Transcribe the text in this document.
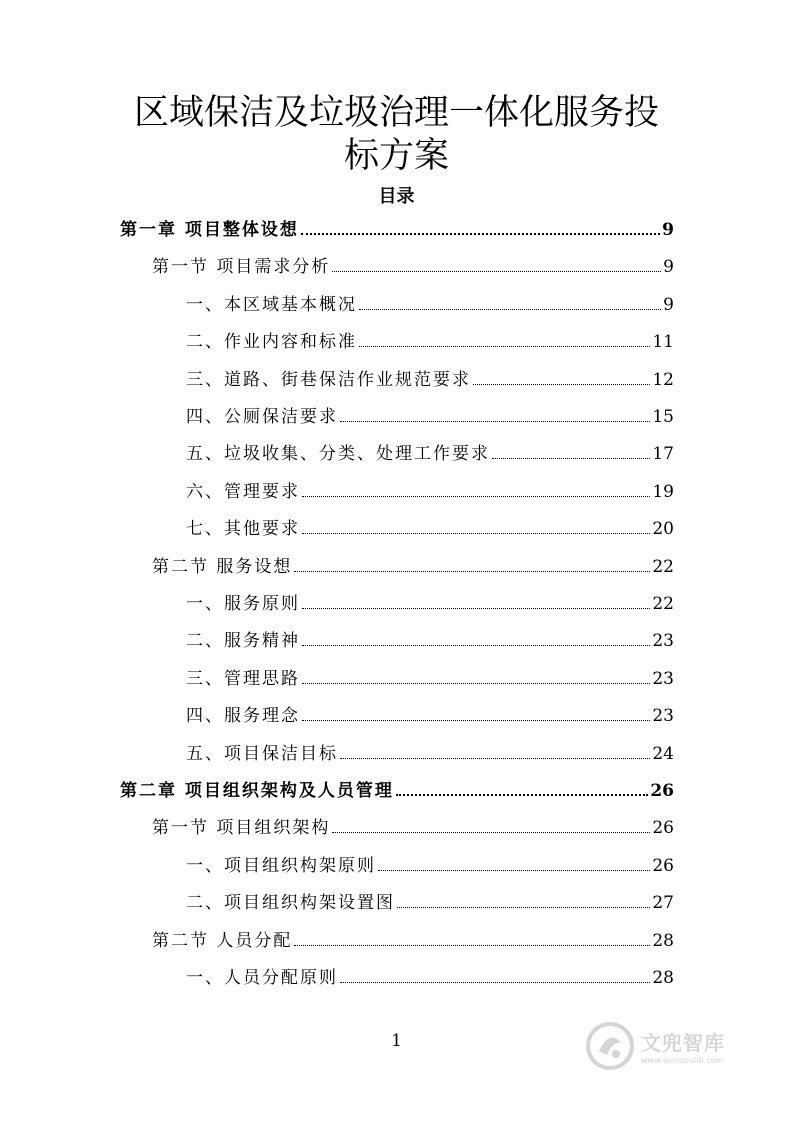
区域保洁及垃圾治理一体化服务投
标方案
目录
第一章 项目整体设想	9
第一节 项目需求分析	9
一、本区域基本概况	9
二、作业内容和标准	11
三、道路、街巷保洁作业规范要求	12
四、公厕保洁要求	15
五、垃圾收集、分类、处理工作要求	17
六、管理要求	19
七、其他要求	20
第二节 服务设想	22
一、服务原则	22
二、服务精神	23
三、管理思路	23
四、服务理念	23
五、项目保洁目标	24
第二章 项目组织架构及人员管理	26
第一节 项目组织架构	26
一、项目组织构架原则	26
二、项目组织构架设置图	27
第二节 人员分配	28
一、人员分配原则	28
1	文兜智库
www.wendoulib.com
